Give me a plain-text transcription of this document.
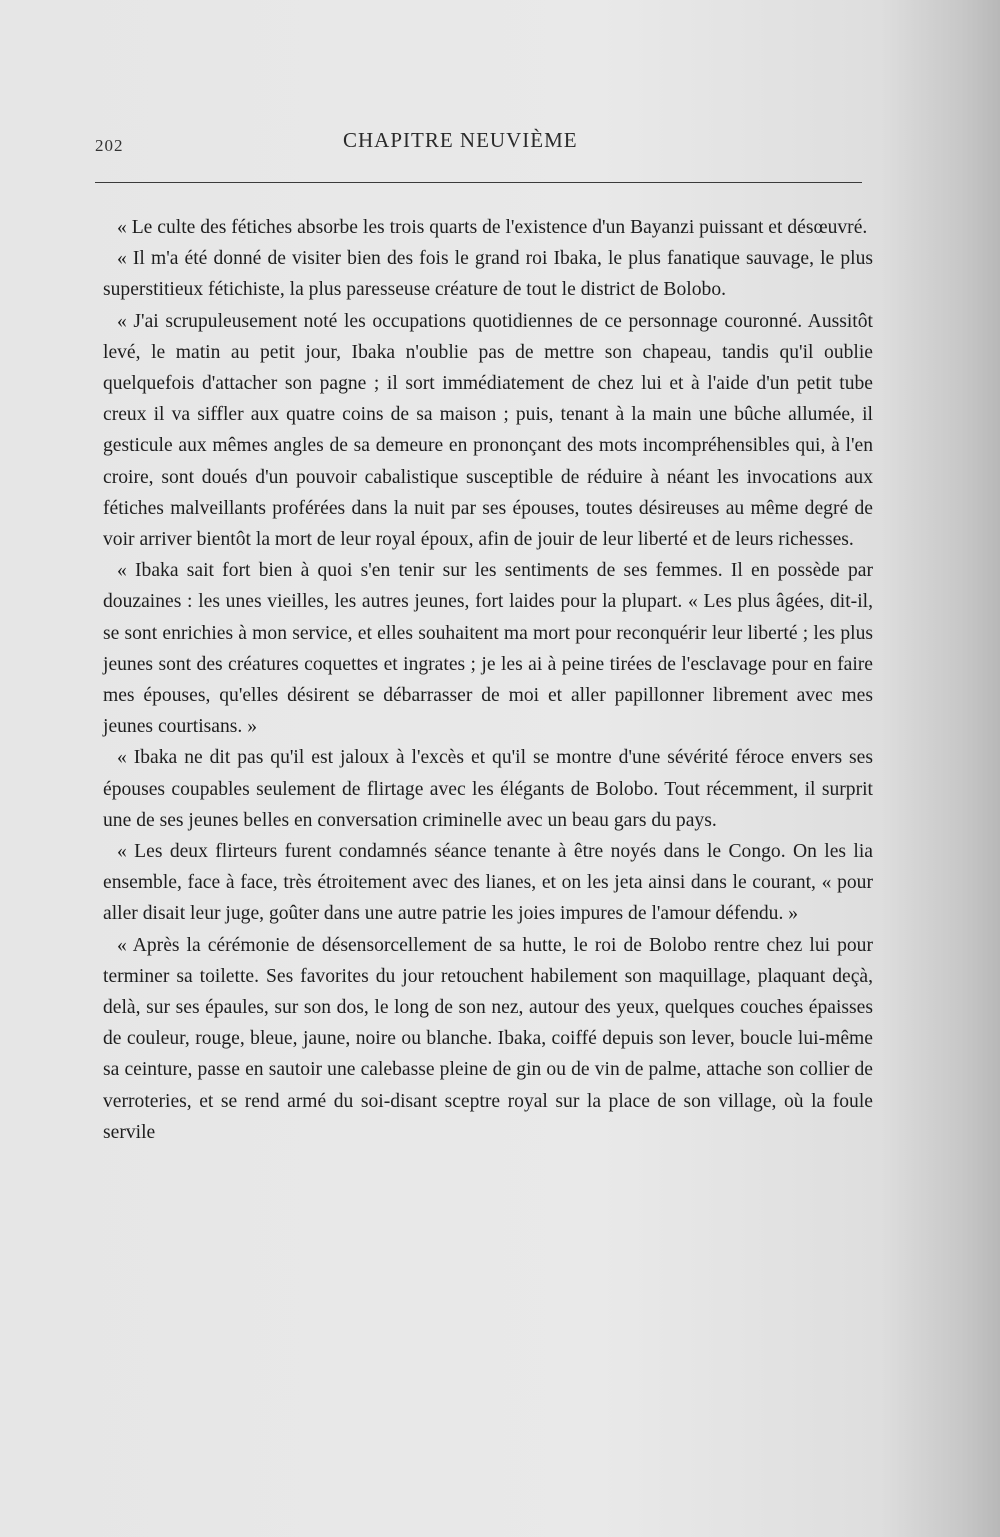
202	CHAPITRE NEUVIÈME

« Le culte des fétiches absorbe les trois quarts de l'existence d'un Bayanzi puissant et désœuvré.

« Il m'a été donné de visiter bien des fois le grand roi Ibaka, le plus fanatique sauvage, le plus superstitieux fétichiste, la plus paresseuse créature de tout le district de Bolobo.

« J'ai scrupuleusement noté les occupations quotidiennes de ce personnage couronné. Aussitôt levé, le matin au petit jour, Ibaka n'oublie pas de mettre son chapeau, tandis qu'il oublie quelquefois d'attacher son pagne ; il sort immédiatement de chez lui et à l'aide d'un petit tube creux il va siffler aux quatre coins de sa maison ; puis, tenant à la main une bûche allumée, il gesticule aux mêmes angles de sa demeure en prononçant des mots incompréhensibles qui, à l'en croire, sont doués d'un pouvoir cabalistique susceptible de réduire à néant les invocations aux fétiches malveillants proférées dans la nuit par ses épouses, toutes désireuses au même degré de voir arriver bientôt la mort de leur royal époux, afin de jouir de leur liberté et de leurs richesses.

« Ibaka sait fort bien à quoi s'en tenir sur les sentiments de ses femmes. Il en possède par douzaines : les unes vieilles, les autres jeunes, fort laides pour la plupart. « Les plus âgées, dit-il, se sont enrichies à mon service, et elles souhaitent ma mort pour reconquérir leur liberté ; les plus jeunes sont des créatures coquettes et ingrates ; je les ai à peine tirées de l'esclavage pour en faire mes épouses, qu'elles désirent se débarrasser de moi et aller papillonner librement avec mes jeunes courtisans. »

« Ibaka ne dit pas qu'il est jaloux à l'excès et qu'il se montre d'une sévérité féroce envers ses épouses coupables seulement de flirtage avec les élégants de Bolobo. Tout récemment, il surprit une de ses jeunes belles en conversation criminelle avec un beau gars du pays.

« Les deux flirteurs furent condamnés séance tenante à être noyés dans le Congo. On les lia ensemble, face à face, très étroitement avec des lianes, et on les jeta ainsi dans le courant, « pour aller disait leur juge, goûter dans une autre patrie les joies impures de l'amour défendu. »

« Après la cérémonie de désensorcellement de sa hutte, le roi de Bolobo rentre chez lui pour terminer sa toilette. Ses favorites du jour retouchent habilement son maquillage, plaquant deçà, delà, sur ses épaules, sur son dos, le long de son nez, autour des yeux, quelques couches épaisses de couleur, rouge, bleue, jaune, noire ou blanche. Ibaka, coiffé depuis son lever, boucle lui-même sa ceinture, passe en sautoir une calebasse pleine de gin ou de vin de palme, attache son collier de verroteries, et se rend armé du soi-disant sceptre royal sur la place de son village, où la foule servile
